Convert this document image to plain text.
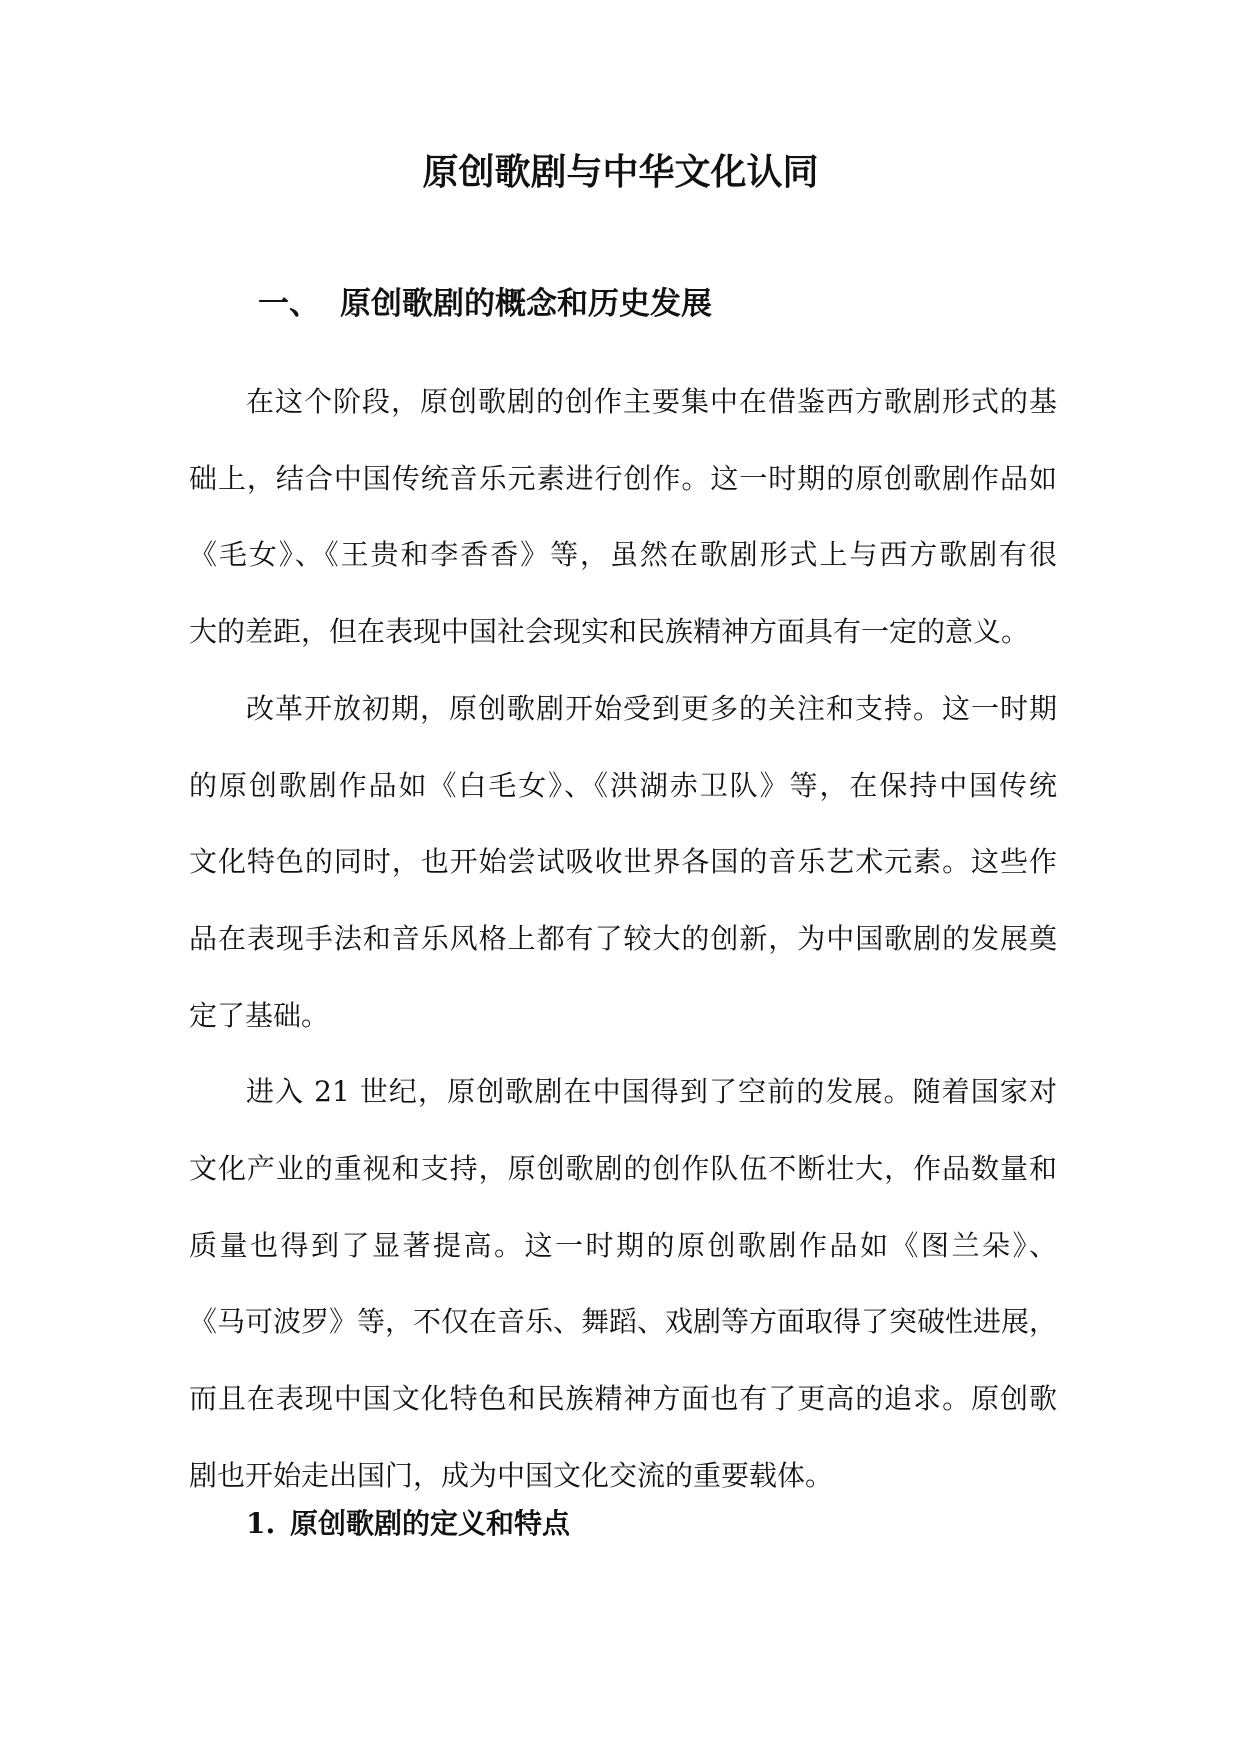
原创歌剧与中华文化认同
一、 原创歌剧的概念和历史发展

在这个阶段，原创歌剧的创作主要集中在借鉴西方歌剧形式的基
础上，结合中国传统音乐元素进行创作。这一时期的原创歌剧作品如
《毛女》、《王贵和李香香》等，虽然在歌剧形式上与西方歌剧有很
大的差距，但在表现中国社会现实和民族精神方面具有一定的意义。

改革开放初期，原创歌剧开始受到更多的关注和支持。这一时期
的原创歌剧作品如《白毛女》、《洪湖赤卫队》等，在保持中国传统
文化特色的同时，也开始尝试吸收世界各国的音乐艺术元素。这些作
品在表现手法和音乐风格上都有了较大的创新，为中国歌剧的发展奠
定了基础。

进入 21 世纪，原创歌剧在中国得到了空前的发展。随着国家对
文化产业的重视和支持，原创歌剧的创作队伍不断壮大，作品数量和
质量也得到了显著提高。这一时期的原创歌剧作品如《图兰朵》、
《马可波罗》等，不仅在音乐、舞蹈、戏剧等方面取得了突破性进展，
而且在表现中国文化特色和民族精神方面也有了更高的追求。原创歌
剧也开始走出国门，成为中国文化交流的重要载体。

1. 原创歌剧的定义和特点
